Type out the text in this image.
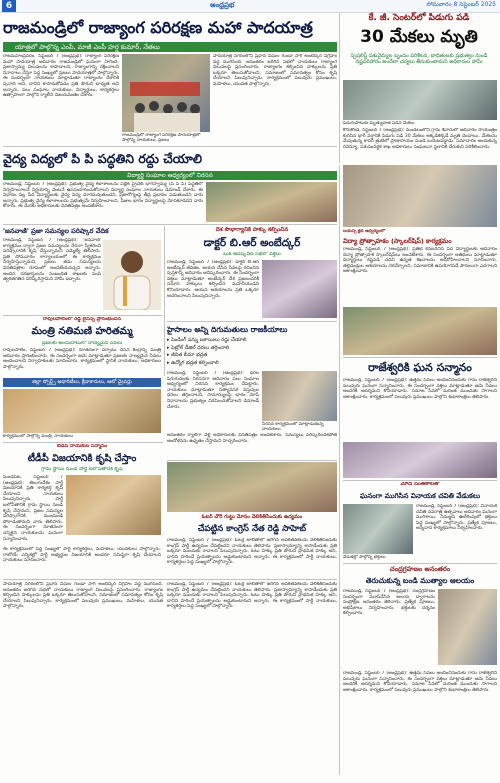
6	ఆంధ్రప్రభ	సోమవారం 8 సెప్టెంబర్ 2025
రాజమండ్రిలో రాజ్యాంగ పరిరక్షణ మహా పాదయాత్ర
యాత్రలో పాల్గొన్న ఎంపీ, మాజీ ఎంపీ హర్ష కుమార్, నేతలు
రాజమహేంద్రవరం, సెప్టెంబర్ 7 (ఆంధ్రప్రభ): రాజ్యాంగ పరిరక్షణ మహా పాదయాత్ర ఆదివారం రాజమండ్రిలో ఘనంగా సాగింది. ప్రజాస్వామ్య విలువలను కాపాడాలని, రాజ్యాంగాన్ని రక్షించాలని నినాదాలు చేస్తూ పెద్ద సంఖ్యలో ప్రజలు పాదయాత్రలో పాల్గొన్నారు. ఈ సందర్భంగా నాయకులు మాట్లాడుతూ రాజ్యాంగం దేశానికి పునాది అని, దానిని కాపాడుకోవడం ప్రతి పౌరుని బాధ్యత అని అన్నారు. పలు సంఘాల నాయకులు, విద్యార్థులు, కార్యకర్తలు ఉత్సాహంగా పాల్గొని ర్యాలీని విజయవంతం చేశారు.
రాజమండ్రిలో రాజ్యాంగ పరిరక్షణ పాదయాత్రలో పాల్గొన్న నాయకులు, ప్రజలు
పాదయాత్ర నగరంలోని ప్రధాన వీధుల గుండా సాగి అంబేద్కర్ విగ్రహం వద్ద ముగిసింది. అనంతరం జరిగిన సభలో నాయకులు రాజ్యాంగ విలువలపై ప్రసంగించారు. రాజ్యాంగం కల్పించిన హక్కులను ప్రతి ఒక్కరూ తెలుసుకోవాలని, సమాజంలో సమానత్వం కోసం కృషి చేయాలని పిలుపునిచ్చారు. కార్యక్రమంలో పలువురు ప్రముఖులు, మహిళలు, యువత పాల్గొన్నారు.
కే. జీ. సెంటర్‌లో పిడుగు పడి
30 మేకలు మృతి
స్పెషలిస్ట్ పశువైద్యుల బృందం పరిశీలన, బాధితులకు ప్రభుత్వం నుండి నష్టపరిహారం అందేలా చర్యలు తీసుకుంటామని అధికారుల హామీ
పిడుగుపాటుకు మృత్యువాత పడిన మేకలు
కోరుకొండ, సెప్టెంబర్ 7 (ఆంధ్రప్రభ): మండలంలోని గ్రామ శివారులో ఆదివారం సాయంత్రం కురిసిన భారీ వర్షానికి పిడుగు పడి 30 మేకలు అక్కడికక్కడే మృతి చెందాయి. మేకలను మేపుతున్న కాపరి త్రుటిలో ప్రాణాపాయం నుండి బయటపడ్డాడు. సమాచారం అందుకున్న రెవెన్యూ, పశుసంవర్ధక శాఖ అధికారులు సంఘటనా స్థలానికి చేరుకుని పరిశీలించారు.
వైద్య విద్యలో పి పి పద్ధతిని రద్దు చేయాలి
విద్యార్థి సంఘాల ఆధ్వర్యంలో నిరసన
రాజమండ్రి, సెప్టెంబర్ 7 (ఆంధ్రప్రభ): ప్రభుత్వ వైద్య కళాశాలలను పబ్లిక్ ప్రైవేట్ భాగస్వామ్య (పి పి పి) పద్ధతిలో నిర్వహించాలనే నిర్ణయాన్ని వెంటనే ఉపసంహరించుకోవాలని విద్యార్థి సంఘాల నాయకులు డిమాండ్ చేశారు. ఈ విధానం వల్ల పేద విద్యార్థులకు వైద్య విద్య దూరమవుతుందని, ప్రజారోగ్యంపై తీవ్ర ప్రభావం పడుతుందని వారు అన్నారు. ప్రభుత్వ వైద్య కళాశాలలను ప్రభుత్వమే నిర్వహించాలని, ఫీజుల భారం విద్యార్థులపై మోపకూడదని వారు కోరారు. ఈ మేరకు అధికారులకు వినతిపత్రం అందజేశారు.
లయన్స్ క్లబ్ ఆధ్వర్యంలో
విద్యా ప్రోత్సాహకం (స్కాలర్‌షిప్) కార్యక్రమం
రాజమండ్రి, సెప్టెంబర్ 7 (ఆంధ్రప్రభ): ప్రతిభ కనబరిచిన పేద విద్యార్థులకు ఆదివారం విద్యా ప్రోత్సాహక స్కాలర్‌షిప్‌లు అందజేశారు. ఈ సందర్భంగా అతిథులు మాట్లాడుతూ విద్యార్థులు కష్టపడి చదివి ఉన్నత శిఖరాలను అధిరోహించాలని సూచించారు. తల్లిదండ్రుల ఆశయాలను నెరవేర్చాలని, సమాజానికి ఉపయోగపడే పౌరులుగా ఎదగాలని ఆకాంక్షించారు.
'జనవాణి' ప్రజా సమస్యల పరిష్కార వేదిక
రాజమండ్రి, సెప్టెంబర్ 7 (ఆంధ్రప్రభ): 'జనవాణి' కార్యక్రమం ద్వారా ప్రజల సమస్యలను నేరుగా స్వీకరించి పరిష్కారానికి కృషి చేస్తున్నామని ఎమ్మెల్యే తెలిపారు. ప్రతి సోమవారం కార్యాలయంలో ఈ కార్యక్రమం నిర్వహిస్తున్నామని, ప్రజలు తమ సమస్యలను వినతిపత్రాల రూపంలో అందజేయవచ్చని అన్నారు. అందిన దరఖాస్తులను సంబంధిత శాఖలకు పంపి త్వరితగతిన పరిష్కరిస్తామని హామీ ఇచ్చారు.
దేశ సౌభాగ్యానికి హక్కు కల్పించిన
డాక్టర్ బి.ఆర్ అంబేద్కర్
బుక్ ఆవిష్కరణ సభలో వక్తలు
రాజమండ్రి, సెప్టెంబర్ 7 (ఆంధ్రప్రభ): డాక్టర్ బి.ఆర్ అంబేద్కర్ జీవితం, ఆయన చేసిన సేవలపై రచించిన పుస్తకాన్ని ఆదివారం ఆవిష్కరించారు. ఈ సందర్భంగా వక్తలు మాట్లాడుతూ అంబేద్కర్ దేశ ప్రజలందరికీ సమాన హక్కులు కల్పించిన మహనీయుడని కొనియాడారు. ఆయన ఆశయాలను ప్రతి ఒక్కరూ ఆచరించాలని పిలుపునిచ్చారు.
రావులపాలెంలో రెడ్డి లైసెన్స్ ప్రారంభించిన
మంత్రి నతిమణి హరితమ్మ
ప్రజలకు అందుబాటులో నాణ్యమైన సేవలు
రావులపాలెం, సెప్టెంబర్ 7 (ఆంధ్రప్రభ): నూతనంగా ఏర్పాటు చేసిన కేంద్రాన్ని మంత్రి ఆదివారం ప్రారంభించారు. ఈ సందర్భంగా ఆమె మాట్లాడుతూ ప్రజలకు నాణ్యమైన సేవలు అందించాలని నిర్వాహకులకు సూచించారు. కార్యక్రమంలో స్థానిక నాయకులు, అధికారులు పాల్గొన్నారు.
జిల్లా స్పోర్ట్స్ అథారిటీలు, క్రీడాకారులు, ఆటో డ్రైవర్లు
కార్యక్రమంలో పాల్గొన్న మంత్రి, నాయకులు
హైసాలం అన్ని దిగుమతులు రాజకీయాలు
▸ పెండింగ్ పన్ను బకాయిలు రద్దు చేయాలి
▸ పెట్రోల్ డీజిల్ ధరలు తగ్గించాలి
▸ జీవిత బీమా భద్రత
▸ ఉద్యోగ భద్రత కల్పించాలి
రాజమండ్రి, సెప్టెంబర్ 7 (ఆంధ్రప్రభ): ధరల పెరుగుదలకు నిరసనగా ఆదివారం పలు సంఘాల ఆధ్వర్యంలో నిరసన కార్యక్రమం చేపట్టారు. నాయకులు మాట్లాడుతూ నిత్యావసర వస్తువుల ధరలు తగ్గించాలని, సామాన్యులపై భారం మోపే విధానాలను ప్రభుత్వం విరమించుకోవాలని డిమాండ్ చేశారు.
నిరసన కార్యక్రమంలో మాట్లాడుతున్న నాయకులు
అనంతరం ర్యాలీగా వెళ్లి అధికారులకు వినతిపత్రం అందజేశారు. సమస్యలు పరిష్కరించకపోతే ఆందోళనను ఉధృతం చేస్తామని హెచ్చరించారు.
రాజేశ్వరికి ఘన సన్మానం
రాజమండ్రి, సెప్టెంబర్ 7 (ఆంధ్రప్రభ): ఉత్తమ సేవలు అందించినందుకు గాను రాజేశ్వరిని పలువురు ఘనంగా సన్మానించారు. ఈ సందర్భంగా వక్తలు మాట్లాడుతూ ఆమె సేవలు అందరికీ ఆదర్శమని కొనియాడారు. సమాజ సేవలో మరింత ముందుకు సాగాలని ఆకాంక్షించారు. కార్యక్రమంలో పలువురు ప్రముఖులు పాల్గొని శుభాకాంక్షలు తెలిపారు.
టీడీపీ నాయకుల సన్మానం
టీడీపీ విజయానికి కృషి చేస్తాం
గ్రామ స్థాయి నుండి పార్టీ బలోపేతానికి కృషి
మండపేట, సెప్టెంబర్ 7 (ఆంధ్రప్రభ): తెలుగుదేశం పార్టీ విజయానికి ప్రతి కార్యకర్త కృషి చేయాలని నాయకులు పిలుపునిచ్చారు. పార్టీ బలోపేతానికి గ్రామ స్థాయి నుండి కృషి చేస్తామని, ప్రజల సమస్యల పరిష్కారానికి ముందుండి పోరాడుతామని వారు తెలిపారు. ఈ సందర్భంగా నూతనంగా ఎన్నికైన నాయకులను ఘనంగా సన్మానించారు.
ఈ కార్యక్రమంలో పెద్ద సంఖ్యలో పార్టీ కార్యకర్తలు, మహిళలు, యువకులు పాల్గొన్నారు. రాబోయే ఎన్నికల్లో పార్టీ అభ్యర్థుల విజయానికి అందరూ సమిష్టిగా కృషి చేయాలని నాయకులు సూచించారు.
మోదీ సంతకాలతో
ఘనంగా ముగిసిన వినాయక చవితి వేడుకలు
రాజమండ్రి, సెప్టెంబర్ 7 (ఆంధ్రప్రభ): వినాయక చవితి నవరాత్రి ఉత్సవాలు ఆదివారం ఘనంగా ముగిశాయి. నిమజ్జన ఊరేగింపులో భక్తులు పెద్ద సంఖ్యలో పాల్గొన్నారు. ప్రత్యేక పూజలు, అన్నదాన కార్యక్రమాలు నిర్వహించారు.
వేడుకల్లో పాల్గొన్న భక్తులు
చంద్రగ్రహణం అనంతరం
తెరుచుకున్న బండి ముత్యాల ఆలయం
రాజమండ్రి, సెప్టెంబర్ 7 (ఆంధ్రప్రభ): చంద్రగ్రహణం సందర్భంగా మూసివేసిన ఆలయ ద్వారాలను సంప్రోక్షణ అనంతరం తెరిచారు. ప్రత్యేక పూజలు, అభిషేకాలు నిర్వహించారు. భక్తులకు దర్శనం కల్పించారు.
ఓటర్ చోరీ గుట్టు మోసం వెలికితీసేందుకు ఉద్యమం
చేపట్టిన కాంగ్రెస్ నేత రెడ్డి సాహెబ్
రాజమండ్రి, సెప్టెంబర్ 7 (ఆంధ్రప్రభ): ఓటర్ల జాబితాలో జరిగిన అవకతవకలను వెలికితీసేందుకు కాంగ్రెస్ పార్టీ ఉద్యమం చేపట్టిందని నాయకులు తెలిపారు. ప్రజాస్వామ్యాన్ని కాపాడేందుకు ప్రతి ఒక్కరూ ముందుకు రావాలని పిలుపునిచ్చారు. ఓటు హక్కు ప్రతి పౌరుని ప్రాథమిక హక్కు అని, దానిని హరించే ప్రయత్నాలను అడ్డుకుంటామని అన్నారు. ఈ కార్యక్రమంలో పార్టీ నాయకులు, కార్యకర్తలు పెద్ద సంఖ్యలో పాల్గొన్నారు.
పాదయాత్ర నగరంలోని ప్రధాన వీధుల గుండా సాగి అంబేద్కర్ విగ్రహం వద్ద ముగిసింది. అనంతరం జరిగిన సభలో నాయకులు రాజ్యాంగ విలువలపై ప్రసంగించారు. రాజ్యాంగం కల్పించిన హక్కులను ప్రతి ఒక్కరూ తెలుసుకోవాలని, సమాజంలో సమానత్వం కోసం కృషి చేయాలని పిలుపునిచ్చారు. కార్యక్రమంలో పలువురు ప్రముఖులు, మహిళలు, యువత పాల్గొన్నారు.
రాజమండ్రి, సెప్టెంబర్ 7 (ఆంధ్రప్రభ): ఓటర్ల జాబితాలో జరిగిన అవకతవకలను వెలికితీసేందుకు కాంగ్రెస్ పార్టీ ఉద్యమం చేపట్టిందని నాయకులు తెలిపారు. ప్రజాస్వామ్యాన్ని కాపాడేందుకు ప్రతి ఒక్కరూ ముందుకు రావాలని పిలుపునిచ్చారు. ఓటు హక్కు ప్రతి పౌరుని ప్రాథమిక హక్కు అని, దానిని హరించే ప్రయత్నాలను అడ్డుకుంటామని అన్నారు. ఈ కార్యక్రమంలో పార్టీ నాయకులు, కార్యకర్తలు పెద్ద సంఖ్యలో పాల్గొన్నారు.
రాజమండ్రి, సెప్టెంబర్ 7 (ఆంధ్రప్రభ): ఉత్తమ సేవలు అందించినందుకు గాను రాజేశ్వరిని పలువురు ఘనంగా సన్మానించారు. ఈ సందర్భంగా వక్తలు మాట్లాడుతూ ఆమె సేవలు అందరికీ ఆదర్శమని కొనియాడారు. సమాజ సేవలో మరింత ముందుకు సాగాలని ఆకాంక్షించారు. కార్యక్రమంలో పలువురు ప్రముఖులు పాల్గొని శుభాకాంక్షలు తెలిపారు.
